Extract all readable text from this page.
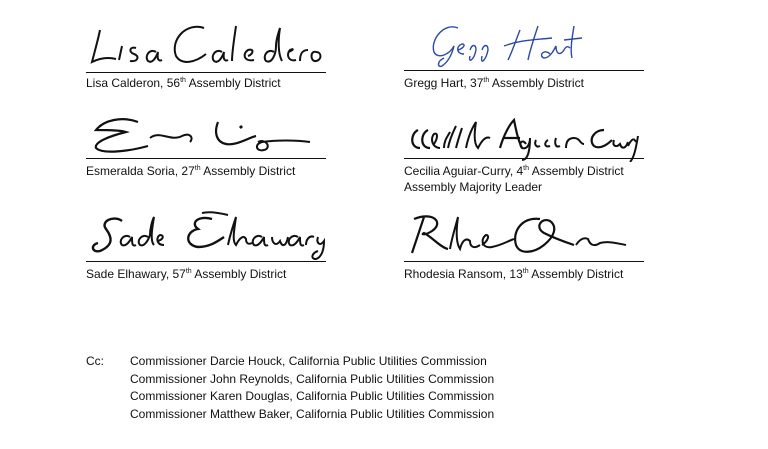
Lisa Calderon, 56th Assembly District	Gregg Hart, 37th Assembly District
Esmeralda Soria, 27th Assembly District	Cecilia Aguiar-Curry, 4th Assembly District
Assembly Majority Leader
Sade Elhawary, 57th Assembly District	Rhodesia Ransom, 13th Assembly District
Cc: Commissioner Darcie Houck, California Public Utilities Commission
Commissioner John Reynolds, California Public Utilities Commission
Commissioner Karen Douglas, California Public Utilities Commission
Commissioner Matthew Baker, California Public Utilities Commission
